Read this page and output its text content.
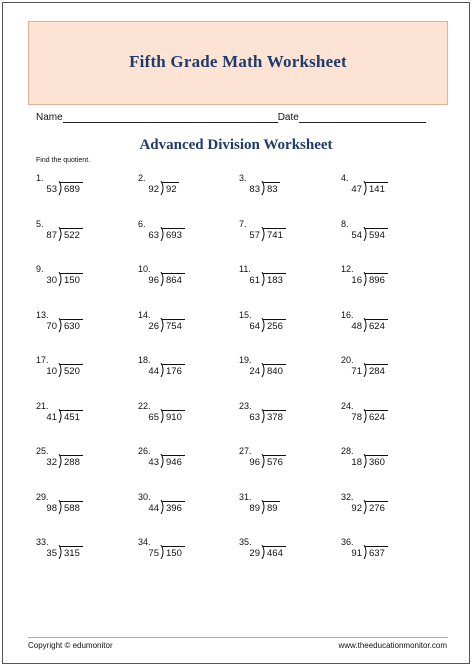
Fifth Grade Math Worksheet
Name	Date
Advanced Division Worksheet
Find the quotient.
1.
53 689
2.
92 92
3.
83 83
4.
47 141
5.
87 522
6.
63 693
7.
57 741
8.
54 594
9.
30 150
10.
96 864
11.
61 183
12.
16 896
13.
70 630
14.
26 754
15.
64 256
16.
48 624
17.
10 520
18.
44 176
19.
24 840
20.
71 284
21.
41 451
22.
65 910
23.
63 378
24.
78 624
25.
32 288
26.
43 946
27.
96 576
28.
18 360
29.
98 588
30.
44 396
31.
89 89
32.
92 276
33.
35 315
34.
75 150
35.
29 464
36.
91 637
Copyright © edumonitor	www.theeducationmonitor.com
